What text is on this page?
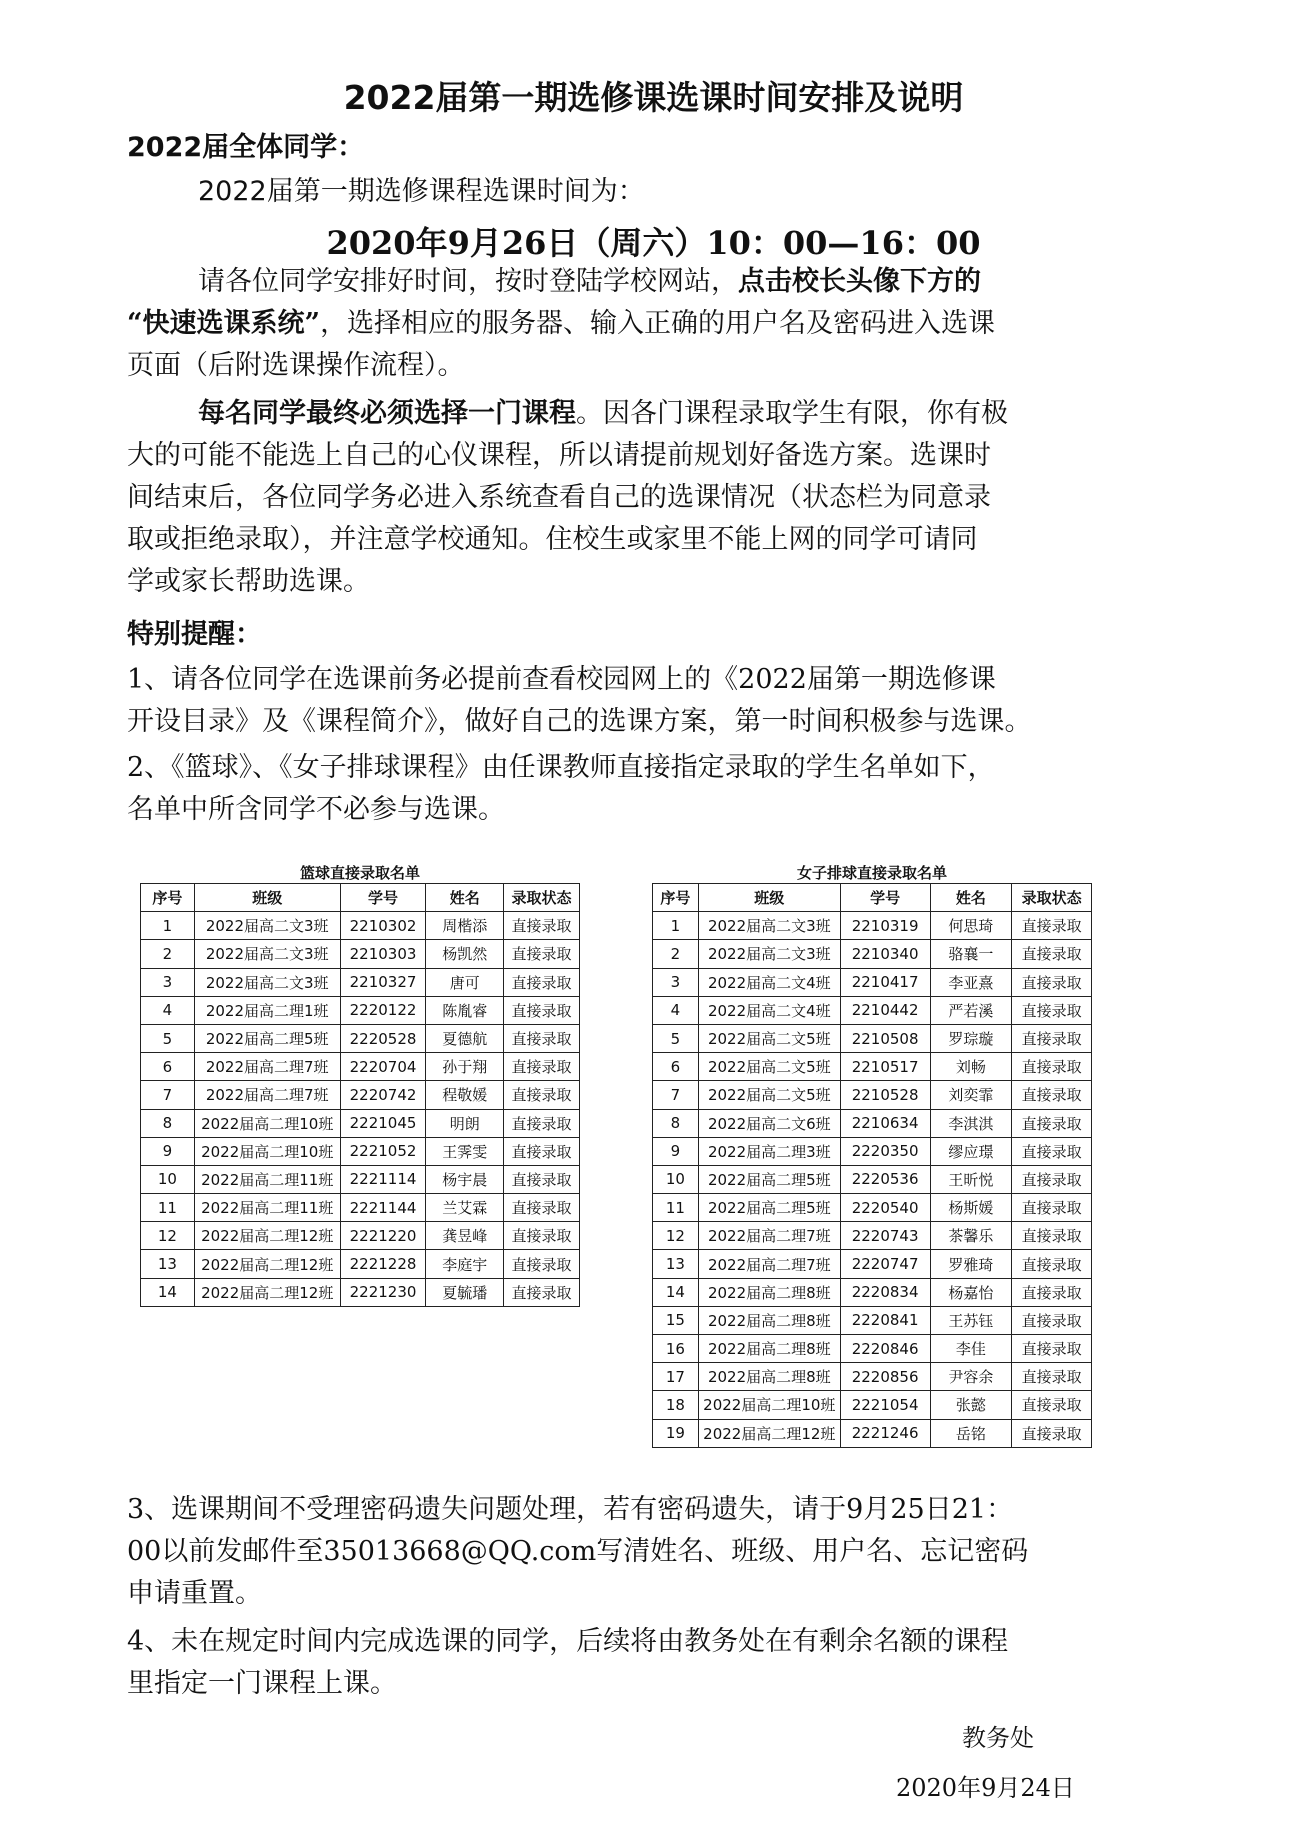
2022届第一期选修课选课时间安排及说明
2022届全体同学：
2022届第一期选修课程选课时间为：
2020年9月26日（周六）10：00—16：00
请各位同学安排好时间，按时登陆学校网站，点击校长头像下方的
“快速选课系统”，选择相应的服务器、输入正确的用户名及密码进入选课
页面（后附选课操作流程）。
每名同学最终必须选择一门课程。因各门课程录取学生有限，你有极
大的可能不能选上自己的心仪课程，所以请提前规划好备选方案。选课时
间结束后，各位同学务必进入系统查看自己的选课情况（状态栏为同意录
取或拒绝录取），并注意学校通知。住校生或家里不能上网的同学可请同
学或家长帮助选课。
特别提醒：
1、请各位同学在选课前务必提前查看校园网上的《2022届第一期选修课
开设目录》及《课程简介》，做好自己的选课方案，第一时间积极参与选课。
2、《篮球》、《女子排球课程》由任课教师直接指定录取的学生名单如下，
名单中所含同学不必参与选课。
篮球直接录取名单
序号	班级	学号	姓名	录取状态
1	2022届高二文3班	2210302	周楷添	直接录取
2	2022届高二文3班	2210303	杨凯然	直接录取
3	2022届高二文3班	2210327	唐可	直接录取
4	2022届高二理1班	2220122	陈胤睿	直接录取
5	2022届高二理5班	2220528	夏德航	直接录取
6	2022届高二理7班	2220704	孙于翔	直接录取
7	2022届高二理7班	2220742	程敬媛	直接录取
8	2022届高二理10班	2221045	明朗	直接录取
9	2022届高二理10班	2221052	王霁雯	直接录取
10	2022届高二理11班	2221114	杨宇晨	直接录取
11	2022届高二理11班	2221144	兰艾霖	直接录取
12	2022届高二理12班	2221220	龚昱峰	直接录取
13	2022届高二理12班	2221228	李庭宇	直接录取
14	2022届高二理12班	2221230	夏毓璠	直接录取
女子排球直接录取名单
序号	班级	学号	姓名	录取状态
1	2022届高二文3班	2210319	何思琦	直接录取
2	2022届高二文3班	2210340	骆襄一	直接录取
3	2022届高二文4班	2210417	李亚熹	直接录取
4	2022届高二文4班	2210442	严若溪	直接录取
5	2022届高二文5班	2210508	罗琮璇	直接录取
6	2022届高二文5班	2210517	刘畅	直接录取
7	2022届高二文5班	2210528	刘奕霏	直接录取
8	2022届高二文6班	2210634	李淇淇	直接录取
9	2022届高二理3班	2220350	缪应璟	直接录取
10	2022届高二理5班	2220536	王昕悦	直接录取
11	2022届高二理5班	2220540	杨斯媛	直接录取
12	2022届高二理7班	2220743	茶馨乐	直接录取
13	2022届高二理7班	2220747	罗雅琦	直接录取
14	2022届高二理8班	2220834	杨嘉怡	直接录取
15	2022届高二理8班	2220841	王苏钰	直接录取
16	2022届高二理8班	2220846	李佳	直接录取
17	2022届高二理8班	2220856	尹容余	直接录取
18	2022届高二理10班	2221054	张懿	直接录取
19	2022届高二理12班	2221246	岳铭	直接录取
3、选课期间不受理密码遗失问题处理，若有密码遗失，请于9月25日21：
00以前发邮件至35013668@QQ.com写清姓名、班级、用户名、忘记密码
申请重置。
4、未在规定时间内完成选课的同学，后续将由教务处在有剩余名额的课程
里指定一门课程上课。
教务处
2020年9月24日
